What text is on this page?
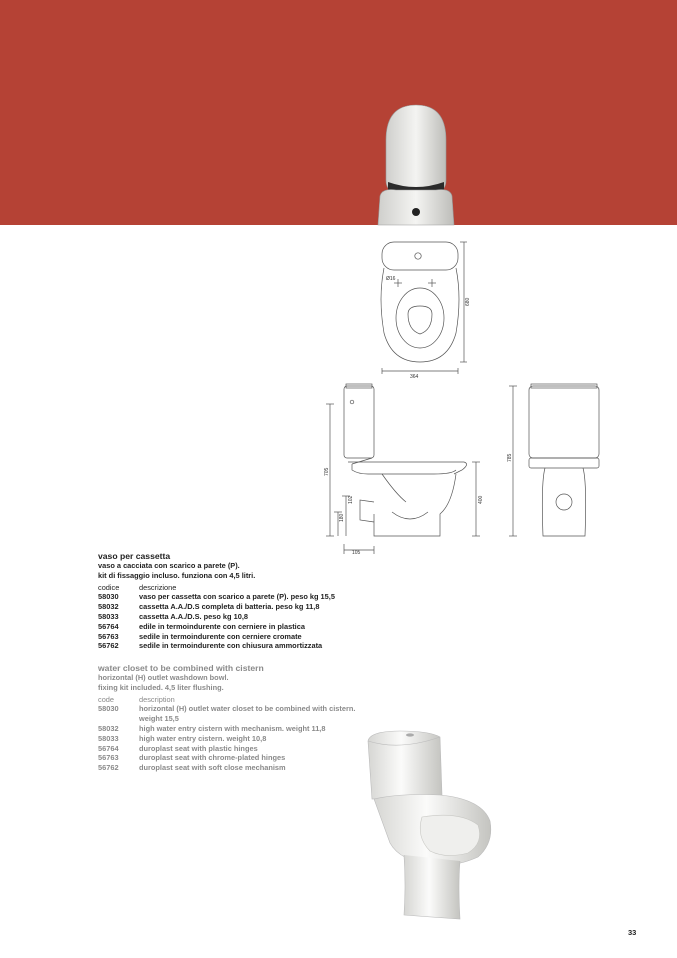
Ø16
364
680
705
400
180
102
105
785
vaso per cassetta
vaso a cacciata con scarico a parete (P).
kit di fissaggio incluso. funziona con 4,5 litri.
codice	descrizione
58030	vaso per cassetta con scarico a parete (P). peso kg 15,5
58032	cassetta A.A./D.S completa di batteria. peso kg 11,8
58033	cassetta A.A./D.S. peso kg 10,8
56764	edile in termoindurente con cerniere in plastica
56763	sedile in termoindurente con cerniere cromate
56762	sedile in termoindurente con chiusura ammortizzata
water closet to be combined with cistern
horizontal (H) outlet washdown bowl.
fixing kit included. 4,5 liter flushing.
code	description
58030	horizontal (H) outlet water closet to be combined with cistern.
weight 15,5

58032	high water entry cistern with mechanism. weight 11,8
58033	high water entry cistern. weight 10,8
56764	duroplast seat with plastic hinges
56763	duroplast seat with chrome-plated hinges
56762	duroplast seat with soft close mechanism
33
